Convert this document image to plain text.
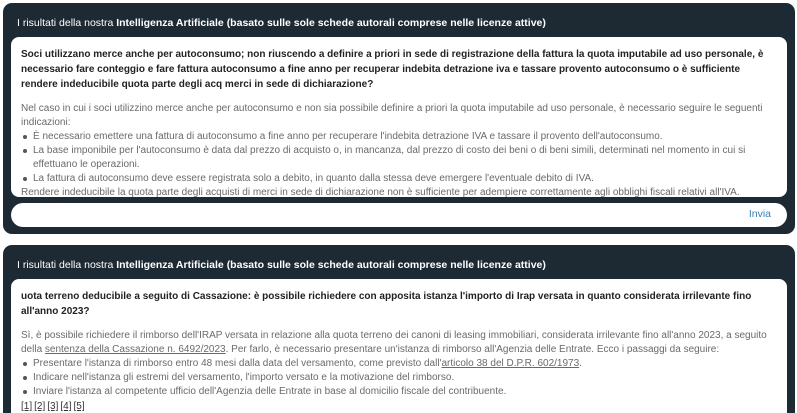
I risultati della nostra Intelligenza Artificiale (basato sulle sole schede autorali comprese nelle licenze attive)
Soci utilizzano merce anche per autoconsumo; non riuscendo a definire a priori in sede di registrazione della fattura la quota imputabile ad uso personale, è necessario fare conteggio e fare fattura autoconsumo a fine anno per recuperar indebita detrazione iva e tassare provento autoconsumo o è sufficiente rendere indeducibile quota parte degli acq merci in sede di dichiarazione?
Nel caso in cui i soci utilizzino merce anche per autoconsumo e non sia possibile definire a priori la quota imputabile ad uso personale, è necessario seguire le seguenti indicazioni:
È necessario emettere una fattura di autoconsumo a fine anno per recuperare l'indebita detrazione IVA e tassare il provento dell'autoconsumo.
La base imponibile per l'autoconsumo è data dal prezzo di acquisto o, in mancanza, dal prezzo di costo dei beni o di beni simili, determinati nel momento in cui si effettuano le operazioni.
La fattura di autoconsumo deve essere registrata solo a debito, in quanto dalla stessa deve emergere l'eventuale debito di IVA.
Rendere indeducibile la quota parte degli acquisti di merci in sede di dichiarazione non è sufficiente per adempiere correttamente agli obblighi fiscali relativi all'IVA.
Invia
I risultati della nostra Intelligenza Artificiale (basato sulle sole schede autorali comprese nelle licenze attive)
uota terreno deducibile a seguito di Cassazione: è possibile richiedere con apposita istanza l'importo di Irap versata in quanto considerata irrilevante fino all'anno 2023?
Sì, è possibile richiedere il rimborso dell'IRAP versata in relazione alla quota terreno dei canoni di leasing immobiliari, considerata irrilevante fino all'anno 2023, a seguito della sentenza della Cassazione n. 6492/2023. Per farlo, è necessario presentare un'istanza di rimborso all'Agenzia delle Entrate. Ecco i passaggi da seguire:
Presentare l'istanza di rimborso entro 48 mesi dalla data del versamento, come previsto dall'articolo 38 del D.P.R. 602/1973.
Indicare nell'istanza gli estremi del versamento, l'importo versato e la motivazione del rimborso.
Inviare l'istanza al competente ufficio dell'Agenzia delle Entrate in base al domicilio fiscale del contribuente.
[1] [2] [3] [4] [5]
